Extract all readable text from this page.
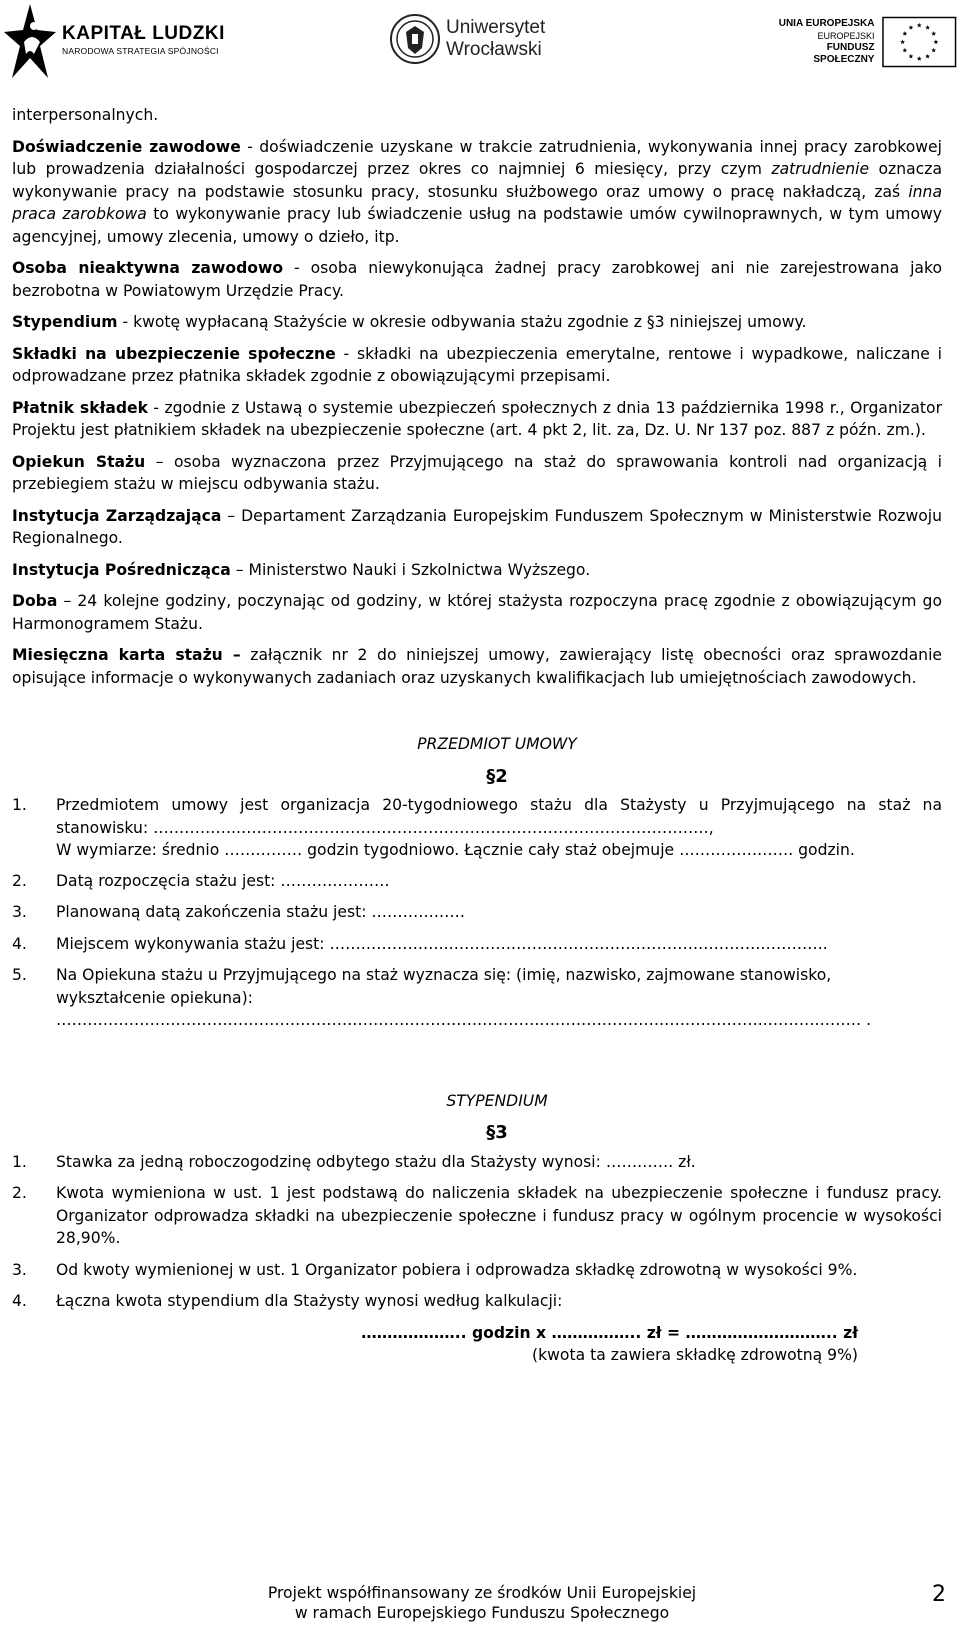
KAPITAŁ LUDZKI
NARODOWA STRATEGIA SPÓJNOŚCI
Uniwersytet
Wrocławski
UNIA EUROPEJSKA
EUROPEJSKI
FUNDUSZ SPOŁECZNY

interpersonalnych.

Doświadczenie zawodowe - doświadczenie uzyskane w trakcie zatrudnienia, wykonywania innej pracy zarobkowej lub prowadzenia działalności gospodarczej przez okres co najmniej 6 miesięcy, przy czym zatrudnienie oznacza wykonywanie pracy na podstawie stosunku pracy, stosunku służbowego oraz umowy o pracę nakładczą, zaś inna praca zarobkowa to wykonywanie pracy lub świadczenie usług na podstawie umów cywilnoprawnych, w tym umowy agencyjnej, umowy zlecenia, umowy o dzieło, itp.

Osoba nieaktywna zawodowo - osoba niewykonująca żadnej pracy zarobkowej ani nie zarejestrowana jako bezrobotna w Powiatowym Urzędzie Pracy.

Stypendium - kwotę wypłacaną Stażyście w okresie odbywania stażu zgodnie z §3 niniejszej umowy.

Składki na ubezpieczenie społeczne - składki na ubezpieczenia emerytalne, rentowe i wypadkowe, naliczane i odprowadzane przez płatnika składek zgodnie z obowiązującymi przepisami.

Płatnik składek - zgodnie z Ustawą o systemie ubezpieczeń społecznych z dnia 13 października 1998 r., Organizator Projektu jest płatnikiem składek na ubezpieczenie społeczne (art. 4 pkt 2, lit. za, Dz. U. Nr 137 poz. 887 z późn. zm.).

Opiekun Stażu – osoba wyznaczona przez Przyjmującego na staż do sprawowania kontroli nad organizacją i przebiegiem stażu w miejscu odbywania stażu.

Instytucja Zarządzająca – Departament Zarządzania Europejskim Funduszem Społecznym w Ministerstwie Rozwoju Regionalnego.

Instytucja Pośrednicząca – Ministerstwo Nauki i Szkolnictwa Wyższego.

Doba – 24 kolejne godziny, poczynając od godziny, w której stażysta rozpoczyna pracę zgodnie z obowiązującym go Harmonogramem Stażu.

Miesięczna karta stażu – załącznik nr 2 do niniejszej umowy, zawierający listę obecności oraz sprawozdanie opisujące informacje o wykonywanych zadaniach oraz uzyskanych kwalifikacjach lub umiejętnościach zawodowych.

PRZEDMIOT UMOWY
§2
1. Przedmiotem umowy jest organizacja 20-tygodniowego stażu dla Stażysty u Przyjmującego na staż na stanowisku: ……………..………………………………………………………………………………,
W wymiarze: średnio …………… godzin tygodniowo. Łącznie cały staż obejmuje …………………. godzin.
2. Datą rozpoczęcia stażu jest: …………………
3. Planowaną datą zakończenia stażu jest: ………………
4. Miejscem wykonywania stażu jest: …………………..……………………………………………………………….
5. Na Opiekuna stażu u Przyjmującego na staż wyznacza się: (imię, nazwisko, zajmowane stanowisko, wykształcenie opiekuna):
………………………………………………………………………………………………………………………..……………… .
STYPENDIUM
§3
1. Stawka za jedną roboczogodzinę odbytego stażu dla Stażysty wynosi: …………. zł.
2. Kwota wymieniona w ust. 1 jest podstawą do naliczenia składek na ubezpieczenie społeczne i fundusz pracy. Organizator odprowadza składki na ubezpieczenie społeczne i fundusz pracy w ogólnym procencie w wysokości 28,90%.
3. Od kwoty wymienionej w ust. 1 Organizator pobiera i odprowadza składkę zdrowotną w wysokości 9%.
4. Łączna kwota stypendium dla Stażysty wynosi według kalkulacji:
……………….. godzin x …………….. zł = ……………………….. zł
(kwota ta zawiera składkę zdrowotną 9%)
Projekt współfinansowany ze środków Unii Europejskiej
w ramach Europejskiego Funduszu Społecznego
2
